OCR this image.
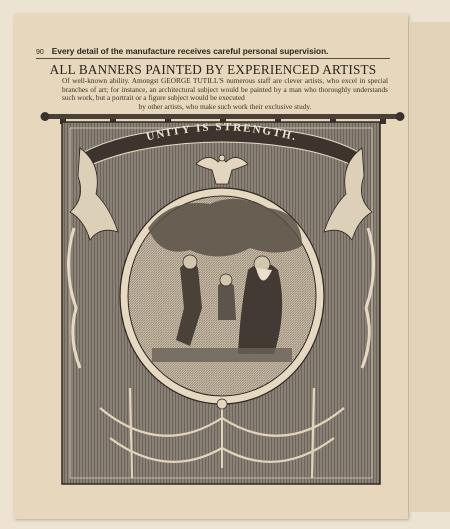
90 Every detail of the manufacture receives careful personal supervision.
ALL BANNERS PAINTED BY EXPERIENCED ARTISTS
Of well-known ability. Amongst GEORGE TUTILL'S numerous staff are clever artists, who excel in special branches of art; for instance, an architectural subject would be painted by a man who thoroughly understands such work, but a portrait or a figure subject would be executed
by other artists, who make such work their exclusive study.
UNITY IS STRENGTH.
